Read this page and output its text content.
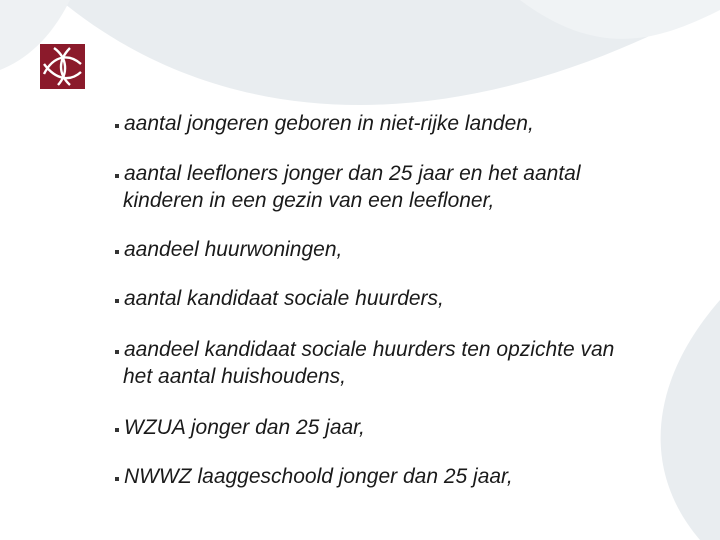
aantal jongeren geboren in niet-rijke landen,
aantal leefloners jonger dan 25 jaar en het aantal
kinderen in een gezin van een leefloner,
aandeel huurwoningen,
aantal kandidaat sociale huurders,
aandeel kandidaat sociale huurders ten opzichte van
het aantal huishoudens,
WZUA jonger dan 25 jaar,
NWWZ laaggeschoold jonger dan 25 jaar,
